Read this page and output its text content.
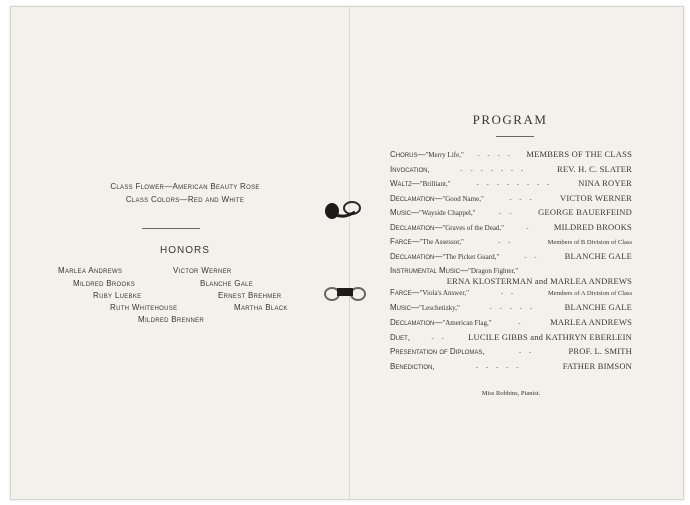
Class Flower—American Beauty Rose
Class Colors—Red and White
HONORS
Marlea Andrews	Victor Werner
Mildred Brooks	Blanche Gale
Ruby Luebke	Ernest Brehmer
Ruth Whitehouse	Martha Black
Mildred Brenner
PROGRAM
Chorus—"Merry Life,"	- - - -	MEMBERS OF THE CLASS
Invocation,	- - - - - - -	REV. H. C. SLATER
Waltz—"Brilliant,"	- - - - - - - -	NINA ROYER
Declamation—"Good Name,"	- - -	VICTOR WERNER
Music—"Wayside Chappel,"	- -	GEORGE BAUERFEIND
Declamation—"Graves of the Dead,"	-	MILDRED BROOKS
Farce—"The Assessor,"	- -	Members of B Division of Class
Declamation—"The Picket Guard,"	- -	BLANCHE GALE
Instrumental Music—"Dragon Fighter,"
ERNA KLOSTERMAN and MARLEA ANDREWS
Farce—"Viola's Answer,"	- -	Members of A Division of Class
Music—"Leschetizky,"	- - - - -	BLANCHE GALE
Declamation—"American Flag,"	-	MARLEA ANDREWS
Duet,	- -	LUCILE GIBBS and KATHRYN EBERLEIN
Presentation of Diplomas,	- -	PROF. L. SMITH
Benediction,	- - - - -	FATHER BIMSON
Miss Robbins, Pianist.
